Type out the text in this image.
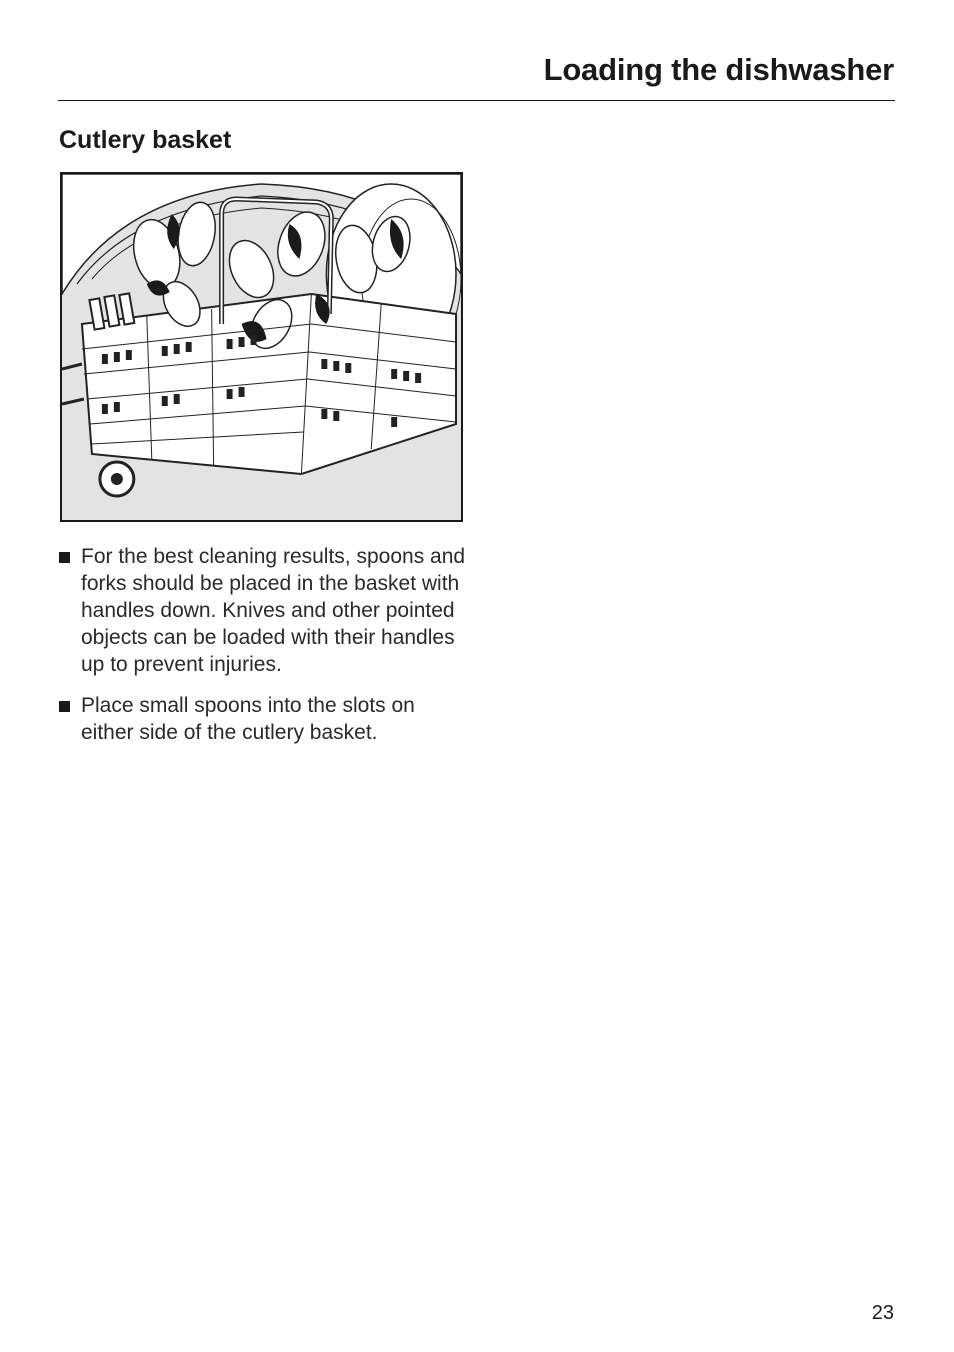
Loading the dishwasher
Cutlery basket
For the best cleaning results, spoons and forks should be placed in the basket with handles down. Knives and other pointed objects can be loaded with their handles up to prevent injuries.
Place small spoons into the slots on either side of the cutlery basket.
23
